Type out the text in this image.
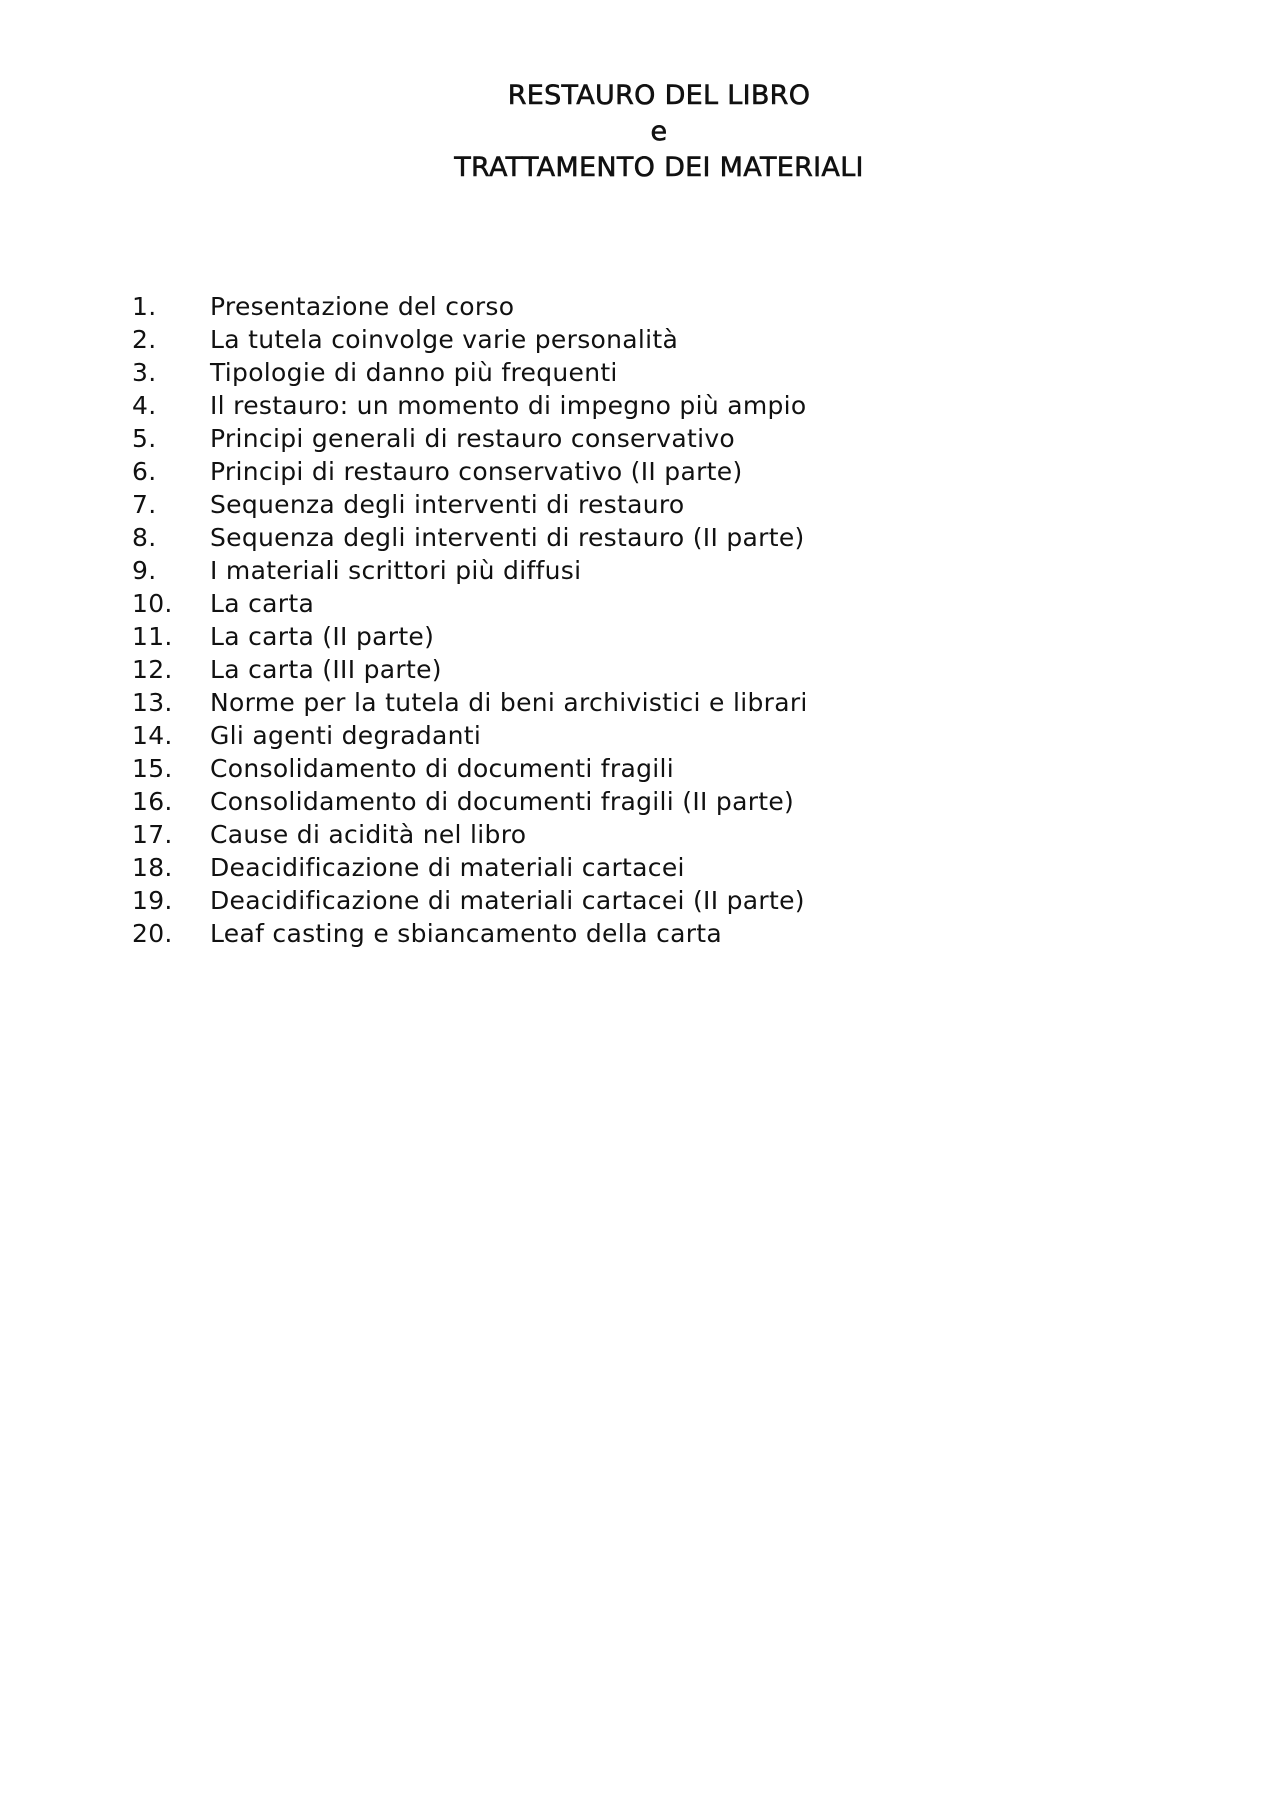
RESTAURO DEL LIBRO
e
TRATTAMENTO DEI MATERIALI
1.	Presentazione del corso
2.	La tutela coinvolge varie personalità
3.	Tipologie di danno più frequenti
4.	Il restauro: un momento di impegno più ampio
5.	Principi generali di restauro conservativo
6.	Principi di restauro conservativo (II parte)
7.	Sequenza degli interventi di restauro
8.	Sequenza degli interventi di restauro (II parte)
9.	I materiali scrittori più diffusi
10.	La carta
11.	La carta (II parte)
12.	La carta (III parte)
13.	Norme per la tutela di beni archivistici e librari
14.	Gli agenti degradanti
15.	Consolidamento di documenti fragili
16.	Consolidamento di documenti fragili (II parte)
17.	Cause di acidità nel libro
18.	Deacidificazione di materiali cartacei
19.	Deacidificazione di materiali cartacei (II parte)
20.	Leaf casting e sbiancamento della carta
